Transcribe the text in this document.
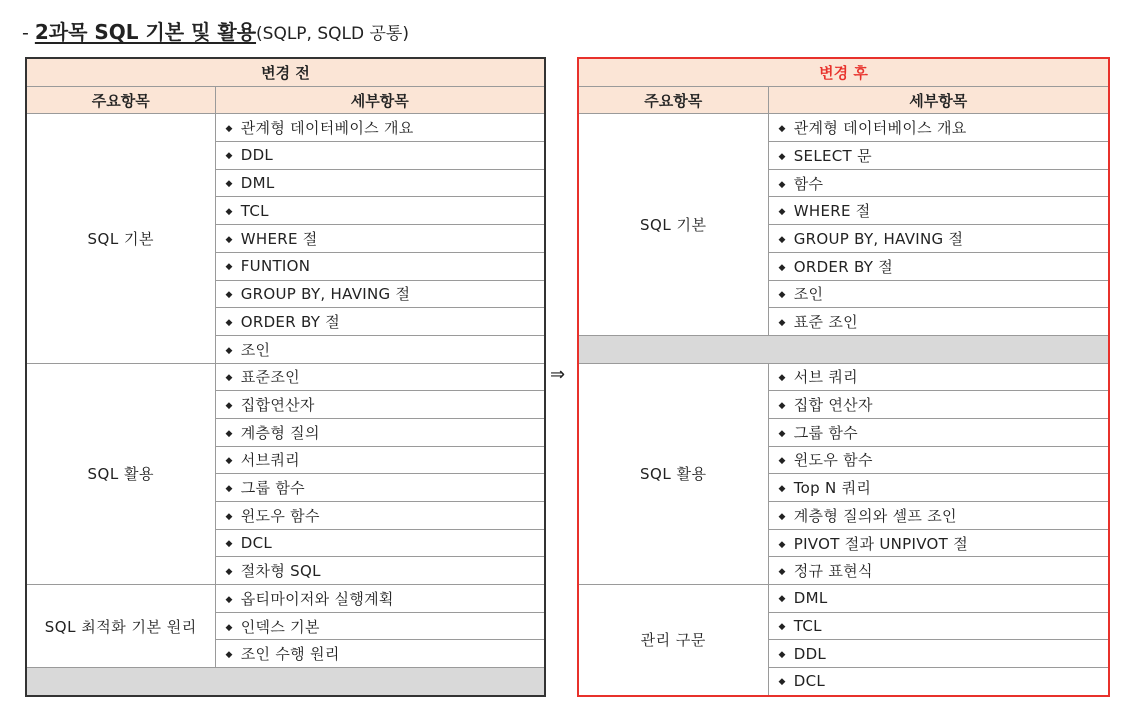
- 2과목 SQL 기본 및 활용(SQLP, SQLD 공통)
변경 전	
주요항목	세부항목
SQL 기본	◆ 관계형 데이터베이스 개요
	◆ DDL
	◆ DML
	◆ TCL
	◆ WHERE 절
	◆ FUNTION
	◆ GROUP BY, HAVING 절
	◆ ORDER BY 절
	◆ 조인
SQL 활용	◆ 표준조인
	◆ 집합연산자
	◆ 계층형 질의
	◆ 서브쿼리
	◆ 그룹 함수
	◆ 윈도우 함수
	◆ DCL
	◆ 절차형 SQL
SQL 최적화 기본 원리	◆ 옵티마이저와 실행계획
	◆ 인덱스 기본
	◆ 조인 수행 원리

⇒
변경 후	
주요항목	세부항목
SQL 기본	◆ 관계형 데이터베이스 개요
	◆ SELECT 문
	◆ 함수
	◆ WHERE 절
	◆ GROUP BY, HAVING 절
	◆ ORDER BY 절
	◆ 조인
	◆ 표준 조인

SQL 활용	◆ 서브 쿼리
	◆ 집합 연산자
	◆ 그룹 함수
	◆ 윈도우 함수
	◆ Top N 쿼리
	◆ 계층형 질의와 셀프 조인
	◆ PIVOT 절과 UNPIVOT 절
	◆ 정규 표현식
관리 구문	◆ DML
	◆ TCL
	◆ DDL
	◆ DCL
